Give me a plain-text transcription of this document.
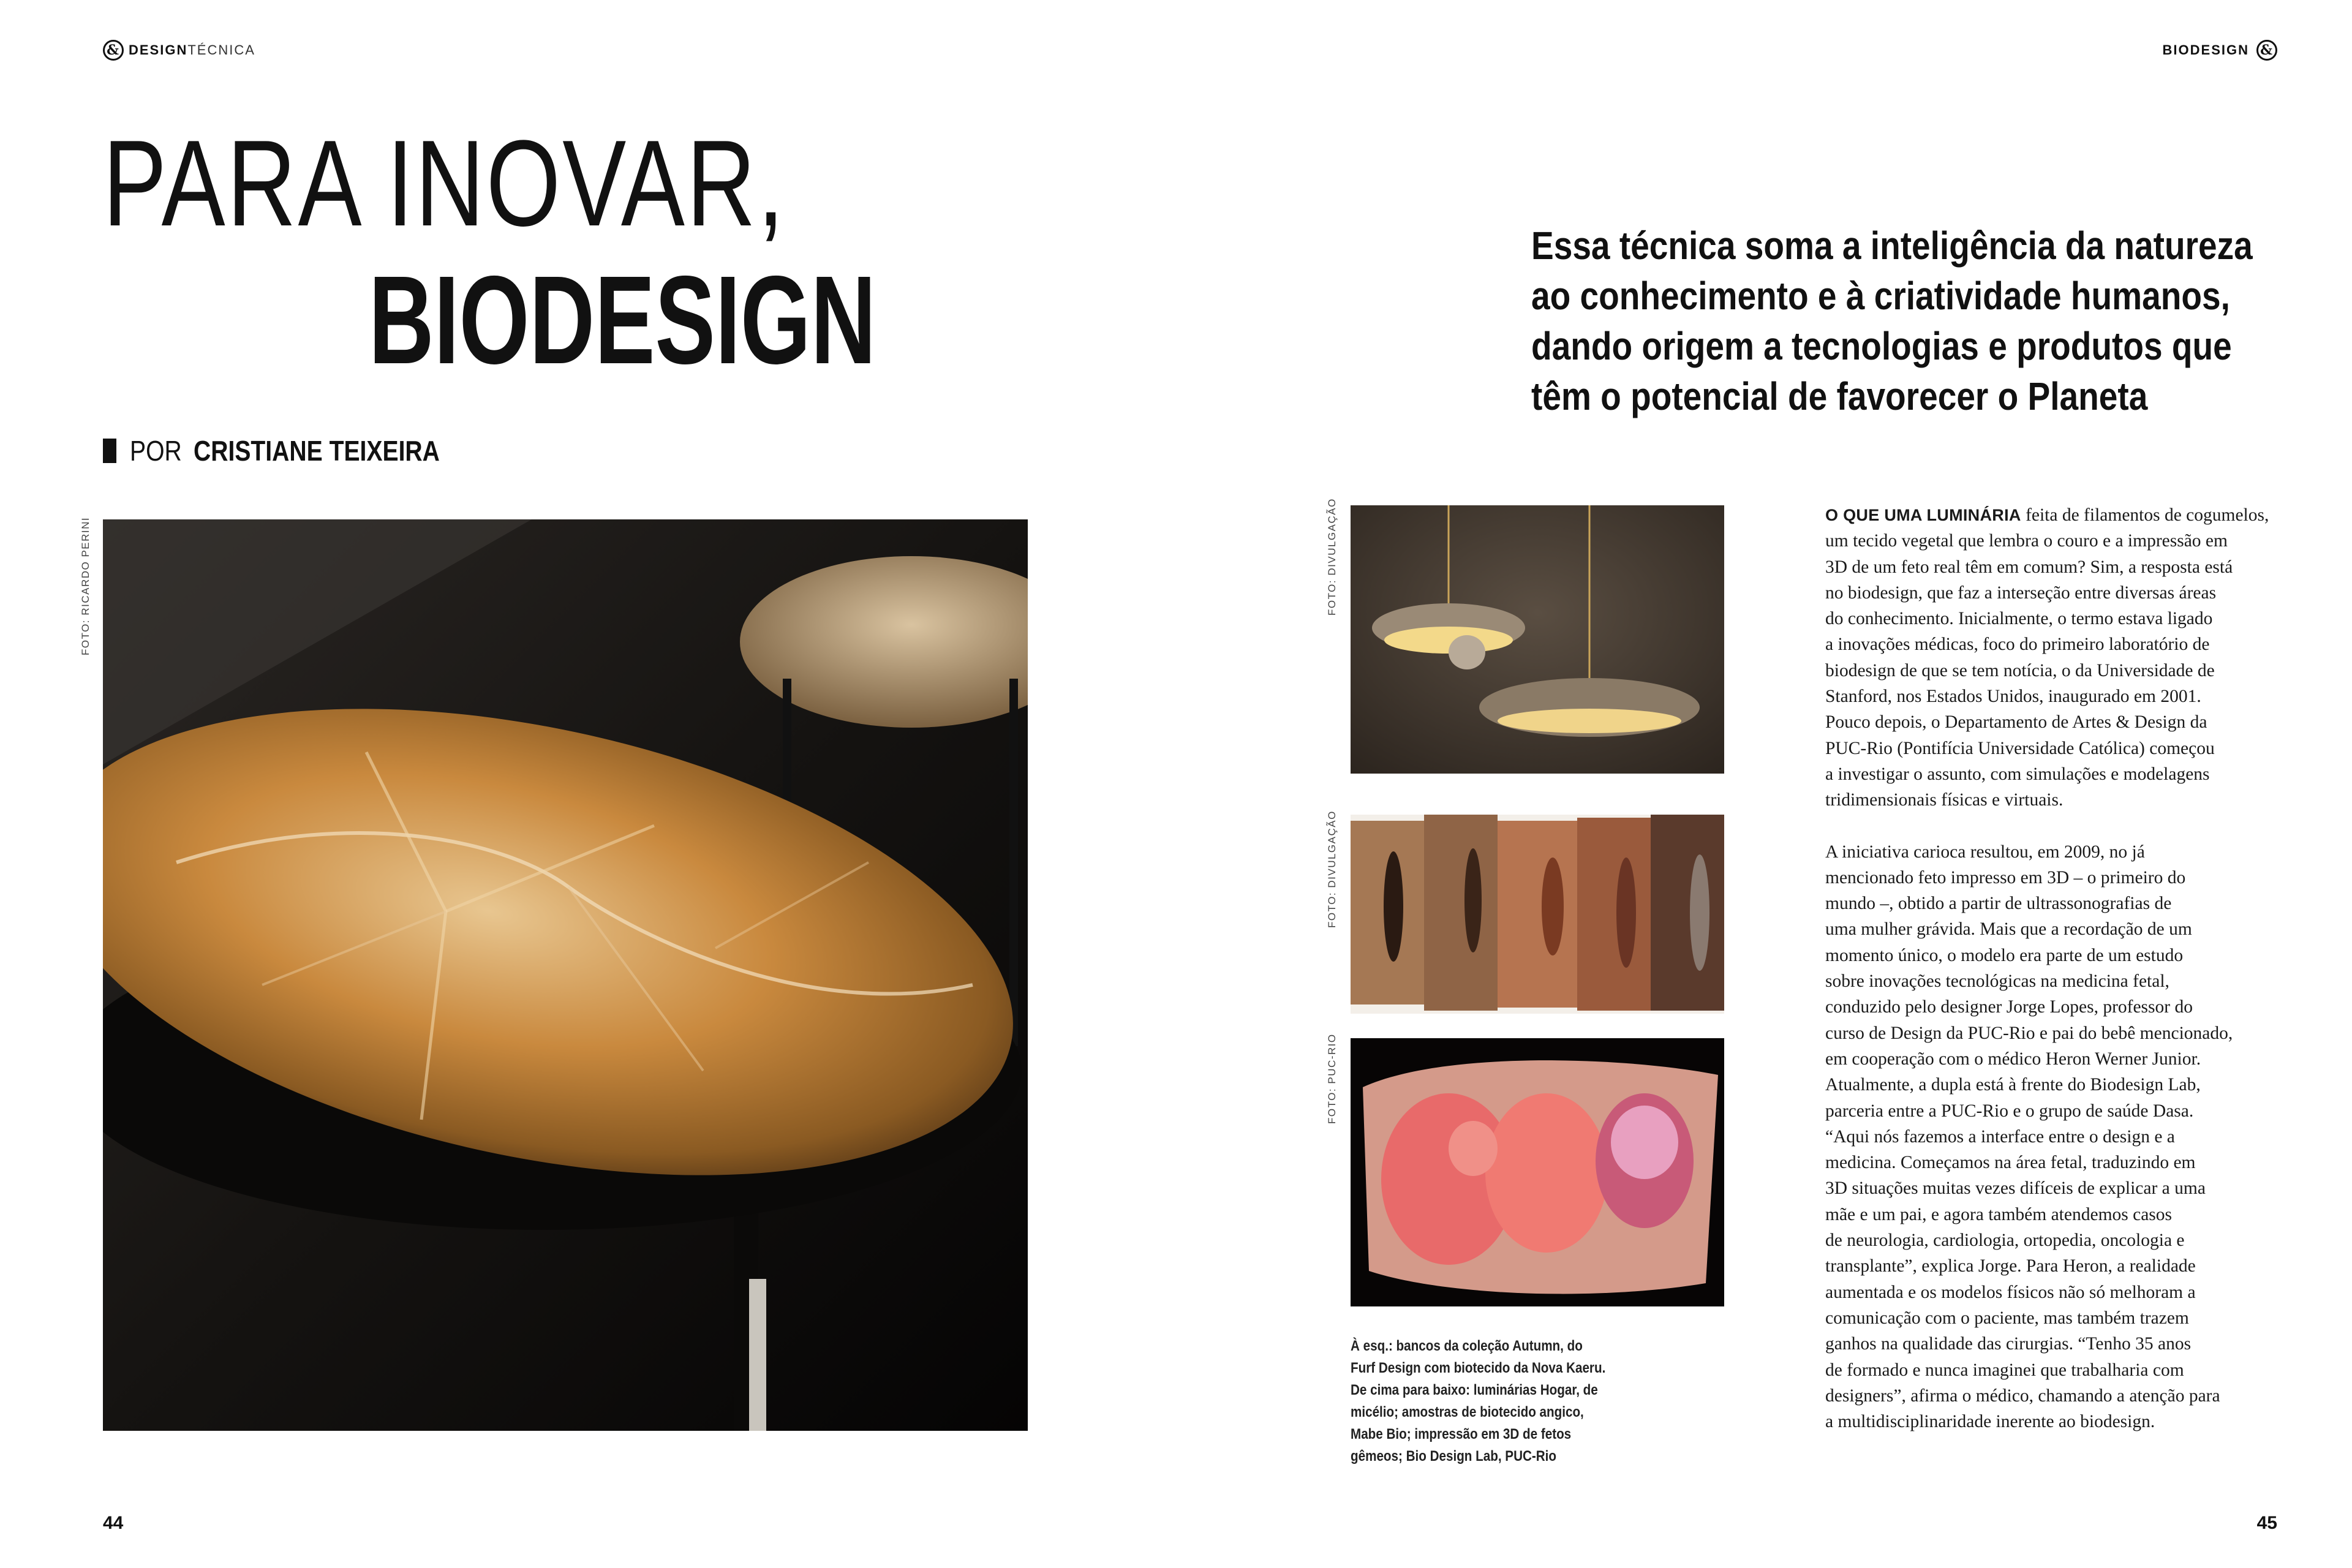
& DESIGN TÉCNICA
PARA INOVAR,
BIODESIGN
POR CRISTIANE TEIXEIRA
FOTO: RICARDO PERINI
44
BIODESIGN &
Essa técnica soma a inteligência da natureza
ao conhecimento e à criatividade humanos,
dando origem a tecnologias e produtos que
têm o potencial de favorecer o Planeta
FOTO: DIVULGAÇÃO
FOTO: DIVULGAÇÃO
FOTO: PUC-RIO
À esq.: bancos da coleção Autumn, do
Furf Design com biotecido da Nova Kaeru.
De cima para baixo: luminárias Hogar, de
micélio; amostras de biotecido angico,
Mabe Bio; impressão em 3D de fetos
gêmeos; Bio Design Lab, PUC-Rio
O QUE UMA LUMINÁRIA feita de filamentos de cogumelos,
um tecido vegetal que lembra o couro e a impressão em
3D de um feto real têm em comum? Sim, a resposta está
no biodesign, que faz a interseção entre diversas áreas
do conhecimento. Inicialmente, o termo estava ligado
a inovações médicas, foco do primeiro laboratório de
biodesign de que se tem notícia, o da Universidade de
Stanford, nos Estados Unidos, inaugurado em 2001.
Pouco depois, o Departamento de Artes & Design da
PUC-Rio (Pontifícia Universidade Católica) começou
a investigar o assunto, com simulações e modelagens
tridimensionais físicas e virtuais.
A iniciativa carioca resultou, em 2009, no já
mencionado feto impresso em 3D – o primeiro do
mundo –, obtido a partir de ultrassonografias de
uma mulher grávida. Mais que a recordação de um
momento único, o modelo era parte de um estudo
sobre inovações tecnológicas na medicina fetal,
conduzido pelo designer Jorge Lopes, professor do
curso de Design da PUC-Rio e pai do bebê mencionado,
em cooperação com o médico Heron Werner Junior.
Atualmente, a dupla está à frente do Biodesign Lab,
parceria entre a PUC-Rio e o grupo de saúde Dasa.
“Aqui nós fazemos a interface entre o design e a
medicina. Começamos na área fetal, traduzindo em
3D situações muitas vezes difíceis de explicar a uma
mãe e um pai, e agora também atendemos casos
de neurologia, cardiologia, ortopedia, oncologia e
transplante”, explica Jorge. Para Heron, a realidade
aumentada e os modelos físicos não só melhoram a
comunicação com o paciente, mas também trazem
ganhos na qualidade das cirurgias. “Tenho 35 anos
de formado e nunca imaginei que trabalharia com
designers”, afirma o médico, chamando a atenção para
a multidisciplinaridade inerente ao biodesign.
45
